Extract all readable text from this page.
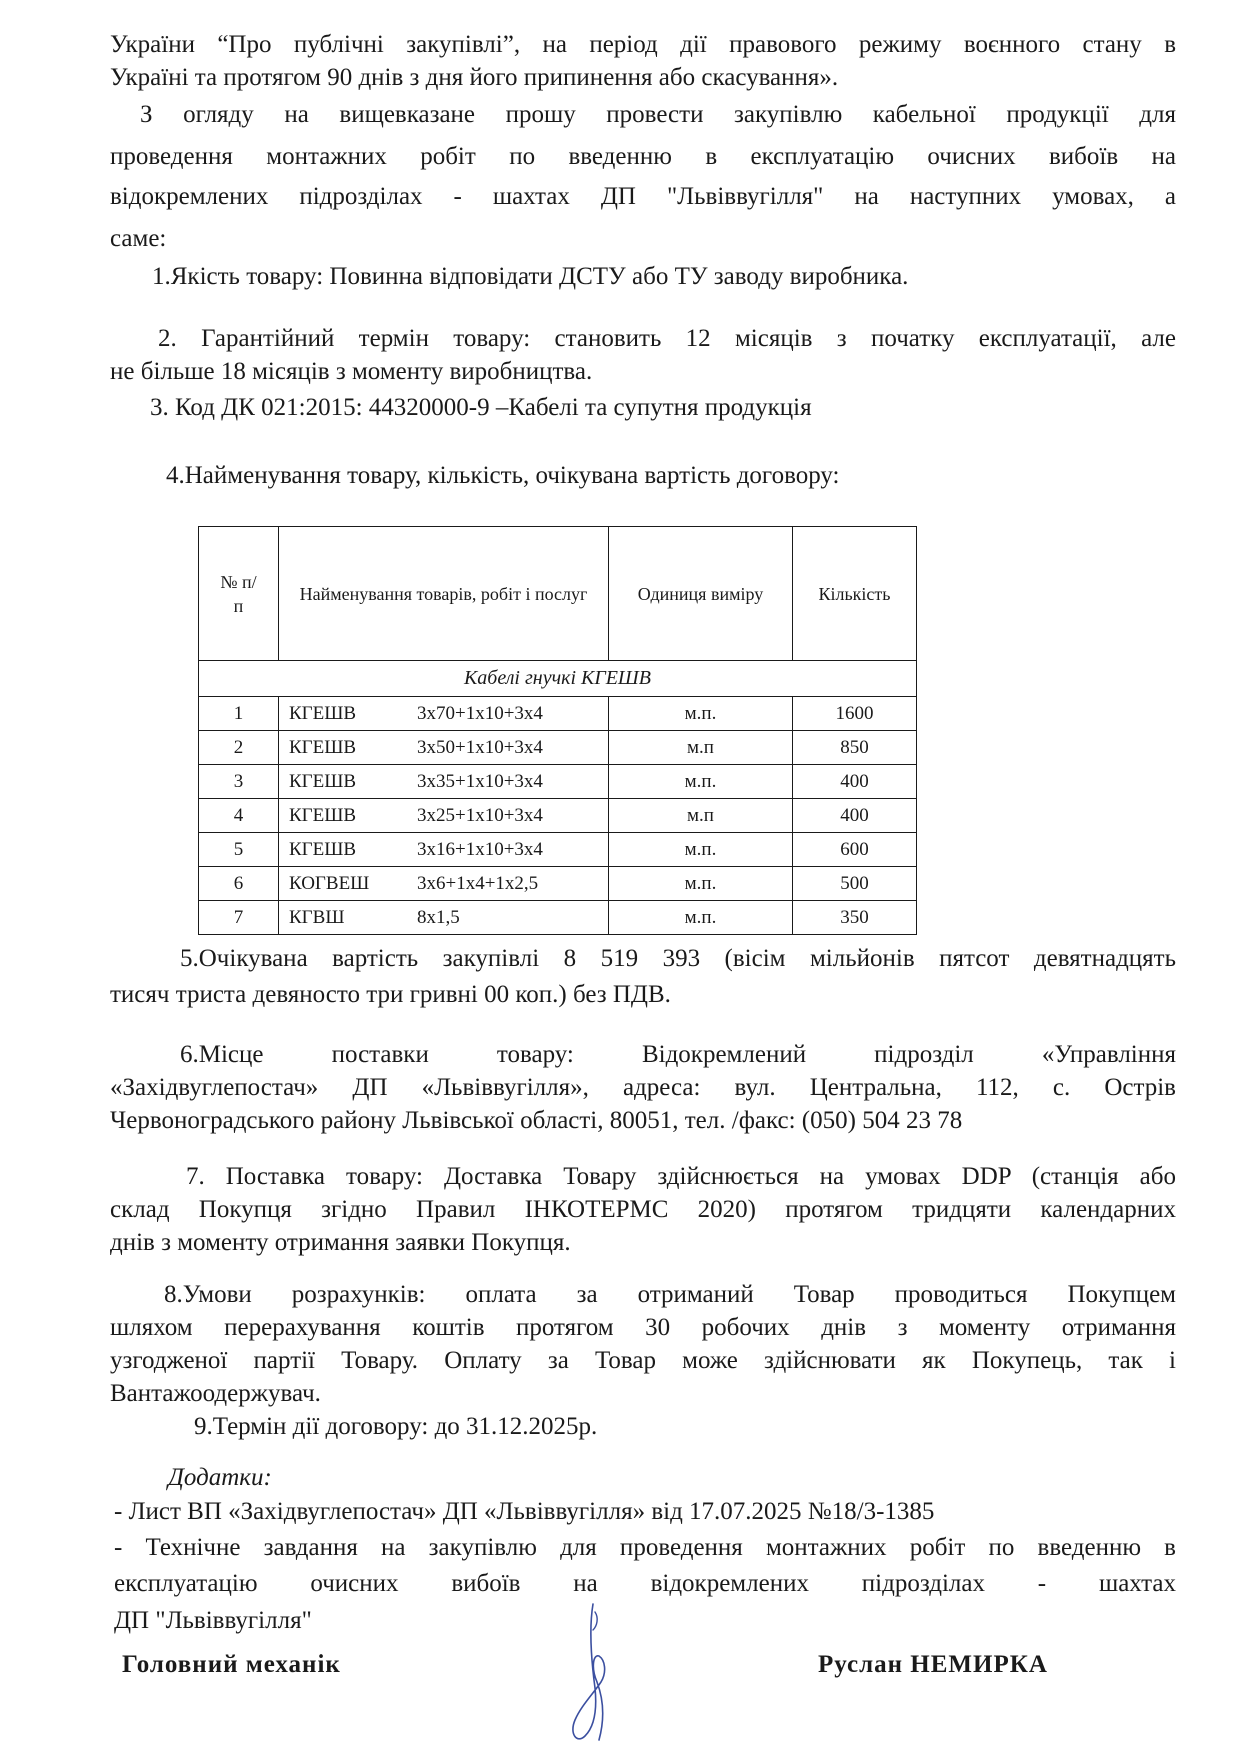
України “Про публічні закупівлі”, на період дії правового режиму воєнного стану в
Україні та протягом 90 днів з дня його припинення або скасування».
З огляду на вищевказане прошу провести закупівлю кабельної продукції для
проведення монтажних робіт по введенню в експлуатацію очисних вибоїв на
відокремлених підрозділах - шахтах ДП "Львіввугілля" на наступних умовах, а
саме:
1.Якість товару: Повинна відповідати ДСТУ або ТУ заводу виробника.
2. Гарантійний термін товару: становить 12 місяців з початку експлуатації, але
не більше 18 місяців з моменту виробництва.
3. Код ДК 021:2015: 44320000-9 –Кабелі та супутня продукція
4.Найменування товару, кількість, очікувана вартість договору:
№ п/п	Найменування товарів, робіт і послуг	Одиниця виміру	Кількість
Кабелі гнучкі КГЕШВ			
1	КГЕШВ 3х70+1х10+3х4	м.п.	1600
2	КГЕШВ 3х50+1х10+3х4	м.п	850
3	КГЕШВ 3х35+1х10+3х4	м.п.	400
4	КГЕШВ 3х25+1х10+3х4	м.п	400
5	КГЕШВ 3х16+1х10+3х4	м.п.	600
6	КОГВЕШ 3х6+1х4+1х2,5	м.п.	500
7	КГВШ 8х1,5	м.п.	350
5.Очікувана вартість закупівлі 8 519 393 (вісім мільйонів пятсот девятнадцять
тисяч триста девяносто три гривні 00 коп.) без ПДВ.
6.Місце поставки товару: Відокремлений підрозділ «Управління
«Західвуглепостач» ДП «Львіввугілля», адреса: вул. Центральна, 112, с. Острів
Червоноградського району Львівської області, 80051, тел. /факс: (050) 504 23 78
7. Поставка товару: Доставка Товару здійснюється на умовах DDP (станція або
склад Покупця згідно Правил ІНКОТЕРМС 2020) протягом тридцяти календарних
днів з моменту отримання заявки Покупця.
8.Умови розрахунків: оплата за отриманий Товар проводиться Покупцем
шляхом перерахування коштів протягом 30 робочих днів з моменту отримання
узгодженої партії Товару. Оплату за Товар може здійснювати як Покупець, так і
Вантажоодержувач.
9.Термін дії договору: до 31.12.2025р.
Додатки:
- Лист ВП «Західвуглепостач» ДП «Львіввугілля» від 17.07.2025 №18/3-1385
- Технічне завдання на закупівлю для проведення монтажних робіт по введенню в
експлуатацію очисних вибоїв на відокремлених підрозділах - шахтах
ДП "Львіввугілля"
Головний механік	Руслан НЕМИРКА
